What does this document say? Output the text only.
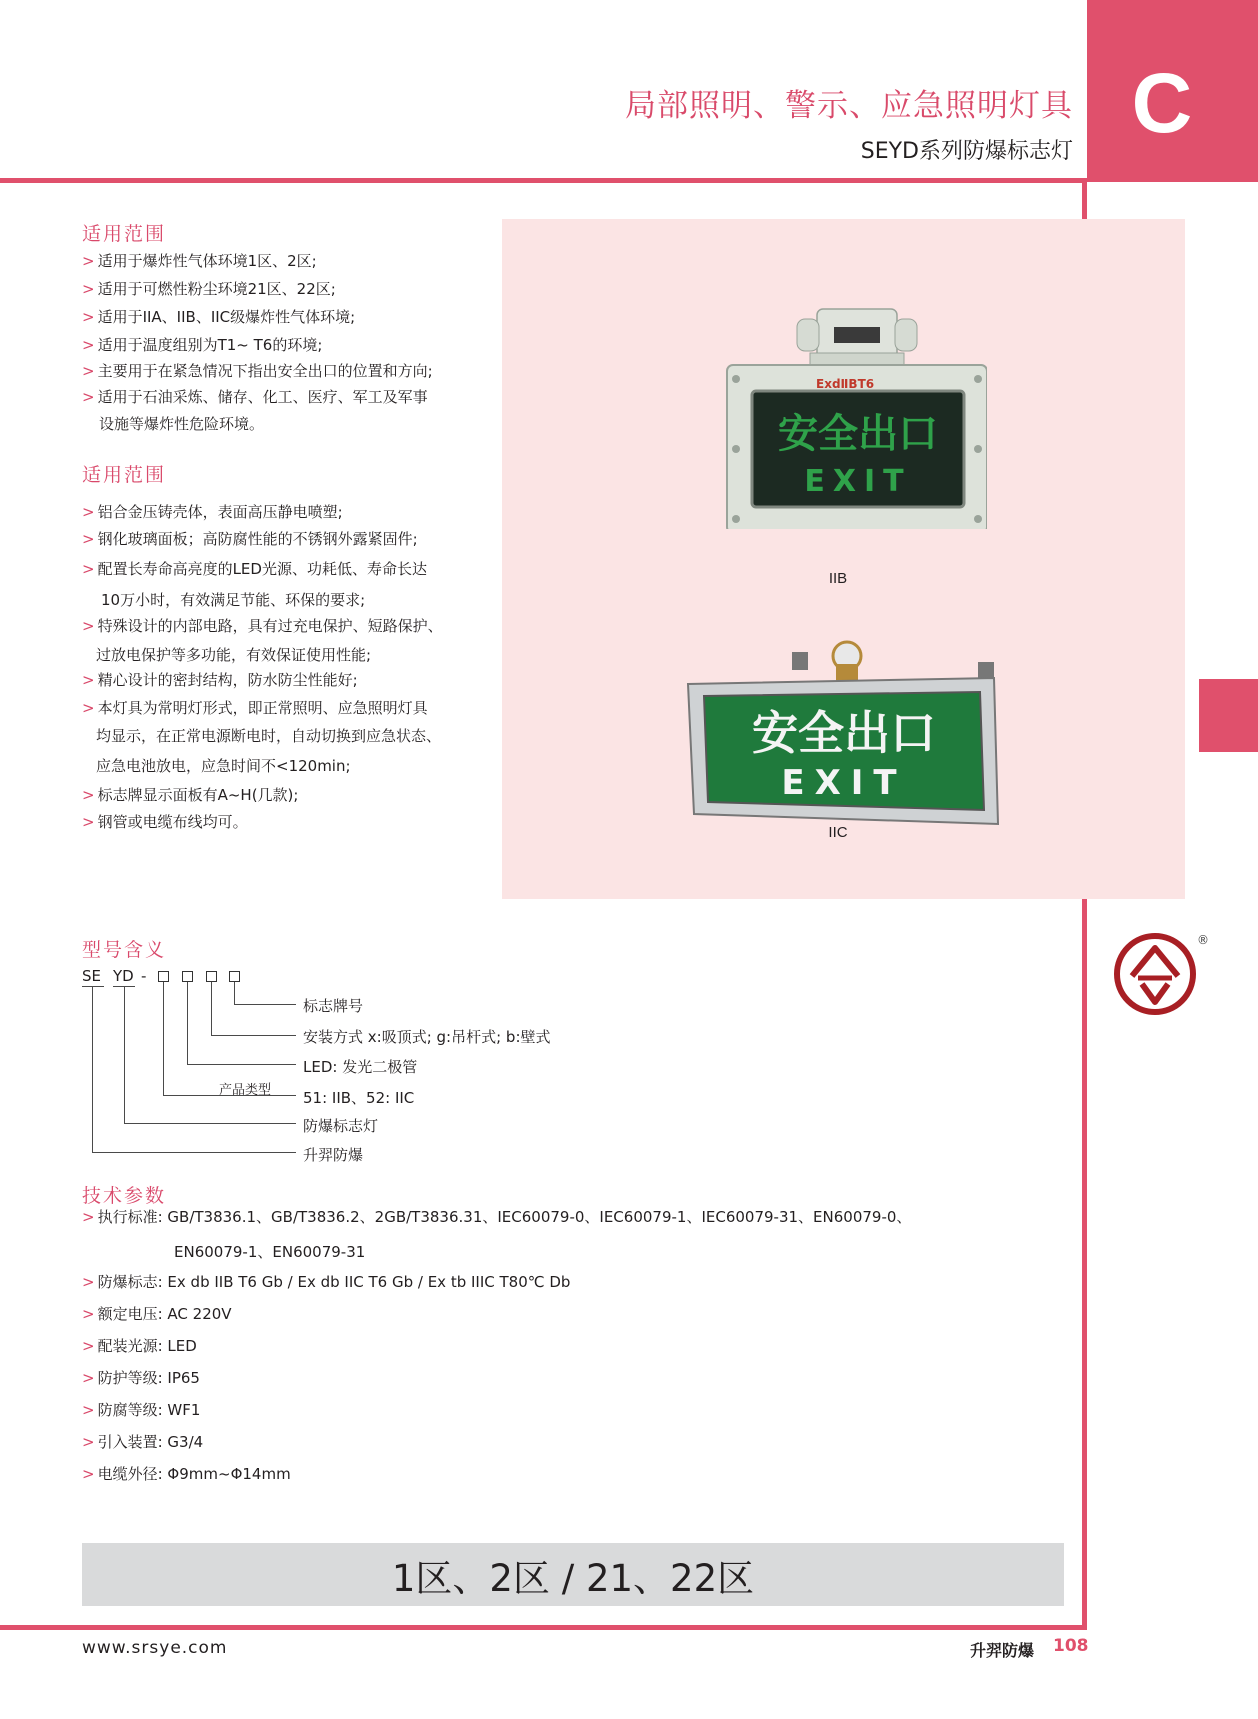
局部照明、警示、应急照明灯具
SEYD系列防爆标志灯
C
适用范围
> 适用于爆炸性气体环境1区、2区;
> 适用于可燃性粉尘环境21区、22区;
> 适用于IIA、IIB、IIC级爆炸性气体环境;
> 适用于温度组别为T1~ T6的环境;
> 主要用于在紧急情况下指出安全出口的位置和方向;
> 适用于石油采炼、储存、化工、医疗、军工及军事
设施等爆炸性危险环境。
适用范围
> 铝合金压铸壳体，表面高压静电喷塑;
> 钢化玻璃面板；高防腐性能的不锈钢外露紧固件;
> 配置长寿命高亮度的LED光源、功耗低、寿命长达
10万小时，有效满足节能、环保的要求;
> 特殊设计的内部电路，具有过充电保护、短路保护、
过放电保护等多功能，有效保证使用性能;
> 精心设计的密封结构，防水防尘性能好;
> 本灯具为常明灯形式，即正常照明、应急照明灯具
均显示，在正常电源断电时，自动切换到应急状态、
应急电池放电，应急时间不<120min;
> 标志牌显示面板有A~H(几款);
> 钢管或电缆布线均可。
ExdⅡBT6
安全出口
EXIT
IIB
安全出口
EXIT
IIC
型号含义
SE YD -
标志牌号
安装方式 x:吸顶式; g:吊杆式; b:壁式
LED: 发光二极管
51: IIB、52: IIC
防爆标志灯
升羿防爆
产品类型
技术参数
> 执行标准: GB/T3836.1、GB/T3836.2、2GB/T3836.31、IEC60079-0、IEC60079-1、IEC60079-31、EN60079-0、
EN60079-1、EN60079-31
> 防爆标志: Ex db IIB T6 Gb / Ex db IIC T6 Gb / Ex tb IIIC T80℃ Db
> 额定电压: AC 220V
> 配装光源: LED
> 防护等级: IP65
> 防腐等级: WF1
> 引入装置: G3/4
> 电缆外径: Φ9mm~Φ14mm
1区、2区 / 21、22区
®
www.srsye.com	升羿防爆 108
